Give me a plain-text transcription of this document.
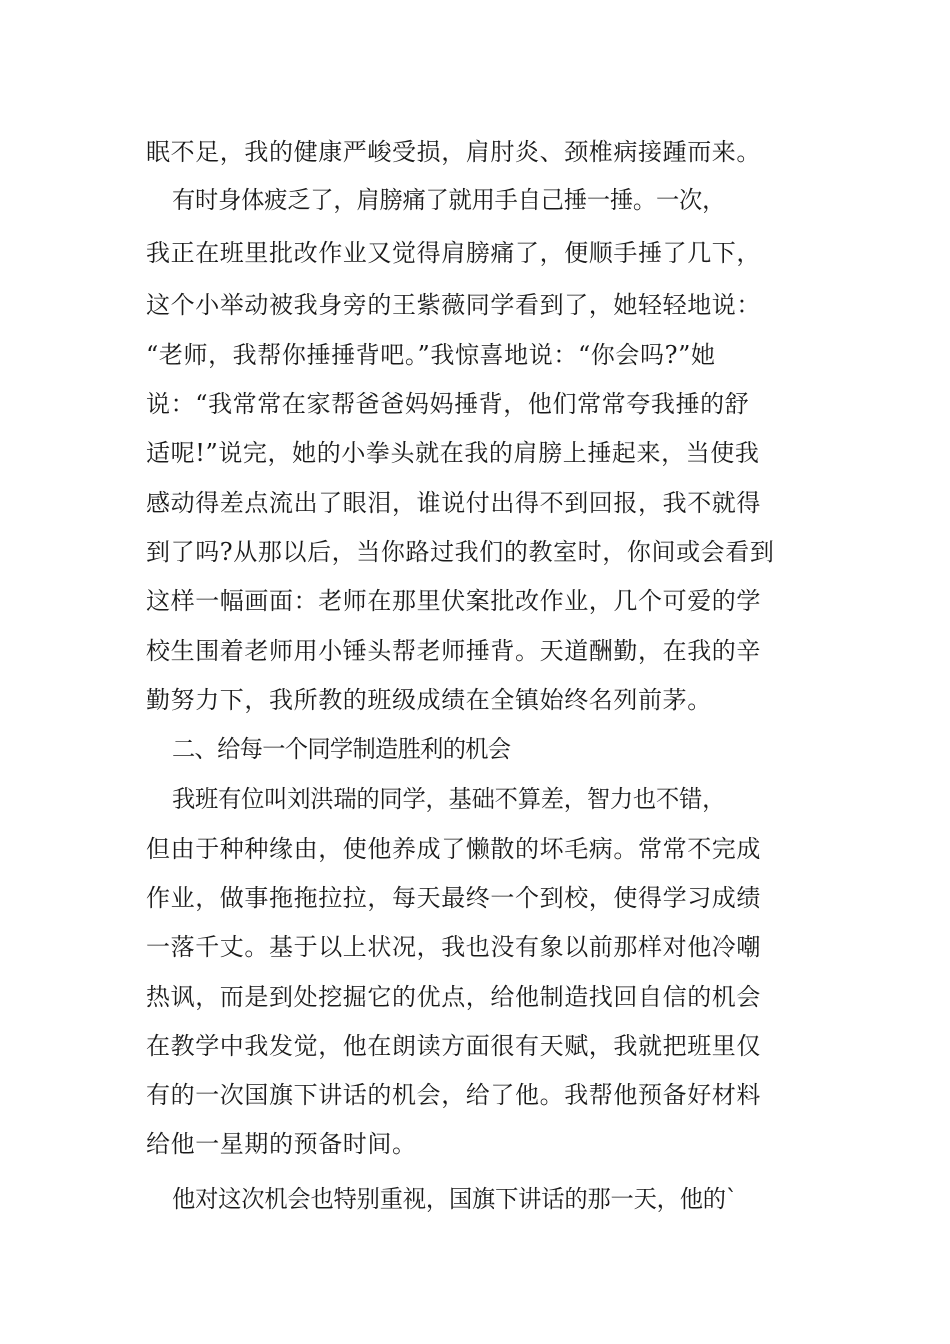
眠不足，我的健康严峻受损，肩肘炎、颈椎病接踵而来。
有时身体疲乏了，肩膀痛了就用手自己捶一捶。一次，
我正在班里批改作业又觉得肩膀痛了，便顺手捶了几下，
这个小举动被我身旁的王紫薇同学看到了，她轻轻地说：
“老师，我帮你捶捶背吧。”我惊喜地说：“你会吗?”她
说：“我常常在家帮爸爸妈妈捶背，他们常常夸我捶的舒
适呢!”说完，她的小拳头就在我的肩膀上捶起来，当使我
感动得差点流出了眼泪，谁说付出得不到回报，我不就得
到了吗?从那以后，当你路过我们的教室时，你间或会看到
这样一幅画面：老师在那里伏案批改作业，几个可爱的学
校生围着老师用小锤头帮老师捶背。天道酬勤，在我的辛
勤努力下，我所教的班级成绩在全镇始终名列前茅。
二、给每一个同学制造胜利的机会
我班有位叫刘洪瑞的同学，基础不算差，智力也不错，
但由于种种缘由，使他养成了懒散的坏毛病。常常不完成
作业，做事拖拖拉拉，每天最终一个到校，使得学习成绩
一落千丈。基于以上状况，我也没有象以前那样对他冷嘲
热讽，而是到处挖掘它的优点，给他制造找回自信的机会
在教学中我发觉，他在朗读方面很有天赋，我就把班里仅
有的一次国旗下讲话的机会，给了他。我帮他预备好材料
给他一星期的预备时间。
他对这次机会也特别重视，国旗下讲话的那一天，他的`
